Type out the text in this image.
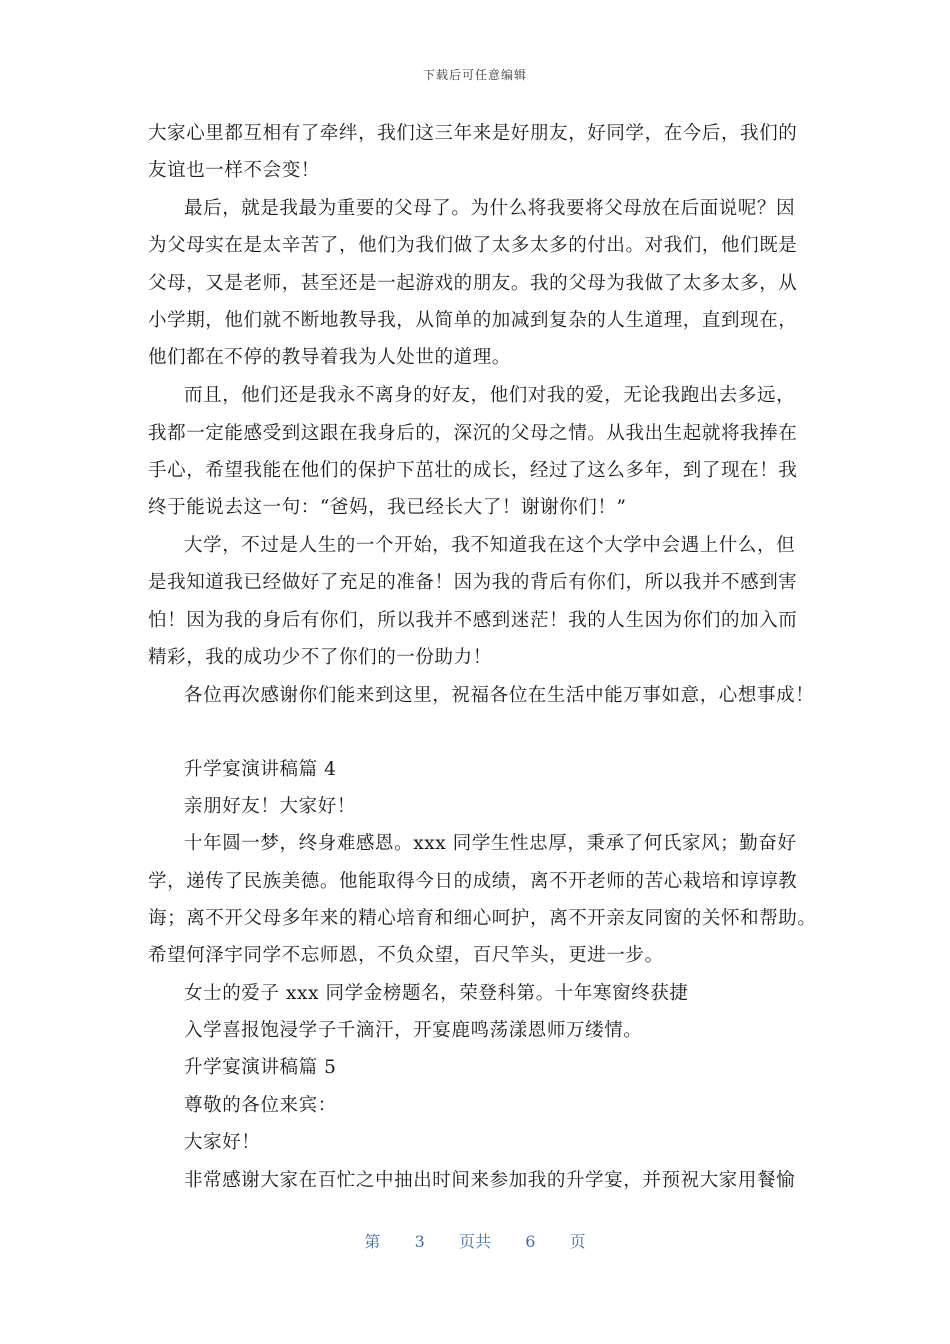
下载后可任意编辑
大家心里都互相有了牵绊，我们这三年来是好朋友，好同学，在今后，我们的
友谊也一样不会变！
最后，就是我最为重要的父母了。为什么将我要将父母放在后面说呢？因
为父母实在是太辛苦了，他们为我们做了太多太多的付出。对我们，他们既是
父母，又是老师，甚至还是一起游戏的朋友。我的父母为我做了太多太多，从
小学期，他们就不断地教导我，从简单的加减到复杂的人生道理，直到现在，
他们都在不停的教导着我为人处世的道理。
而且，他们还是我永不离身的好友，他们对我的爱，无论我跑出去多远，
我都一定能感受到这跟在我身后的，深沉的父母之情。从我出生起就将我捧在
手心，希望我能在他们的保护下茁壮的成长，经过了这么多年，到了现在！我
终于能说去这一句：“爸妈，我已经长大了！谢谢你们！”
大学，不过是人生的一个开始，我不知道我在这个大学中会遇上什么，但
是我知道我已经做好了充足的准备！因为我的背后有你们，所以我并不感到害
怕！因为我的身后有你们，所以我并不感到迷茫！我的人生因为你们的加入而
精彩，我的成功少不了你们的一份助力！
各位再次感谢你们能来到这里，祝福各位在生活中能万事如意，心想事成！
升学宴演讲稿篇 4
亲朋好友！大家好！
十年圆一梦，终身难感恩。xxx 同学生性忠厚，秉承了何氏家风；勤奋好
学，递传了民族美德。他能取得今日的成绩，离不开老师的苦心栽培和谆谆教
诲；离不开父母多年来的精心培育和细心呵护，离不开亲友同窗的关怀和帮助。
希望何泽宇同学不忘师恩，不负众望，百尺竿头，更进一步。
女士的爱子 xxx 同学金榜题名，荣登科第。十年寒窗终获捷
入学喜报饱浸学子千滴汗，开宴鹿鸣荡漾恩师万缕情。
升学宴演讲稿篇 5
尊敬的各位来宾：
大家好！
非常感谢大家在百忙之中抽出时间来参加我的升学宴，并预祝大家用餐愉
第 3 页共 6 页
